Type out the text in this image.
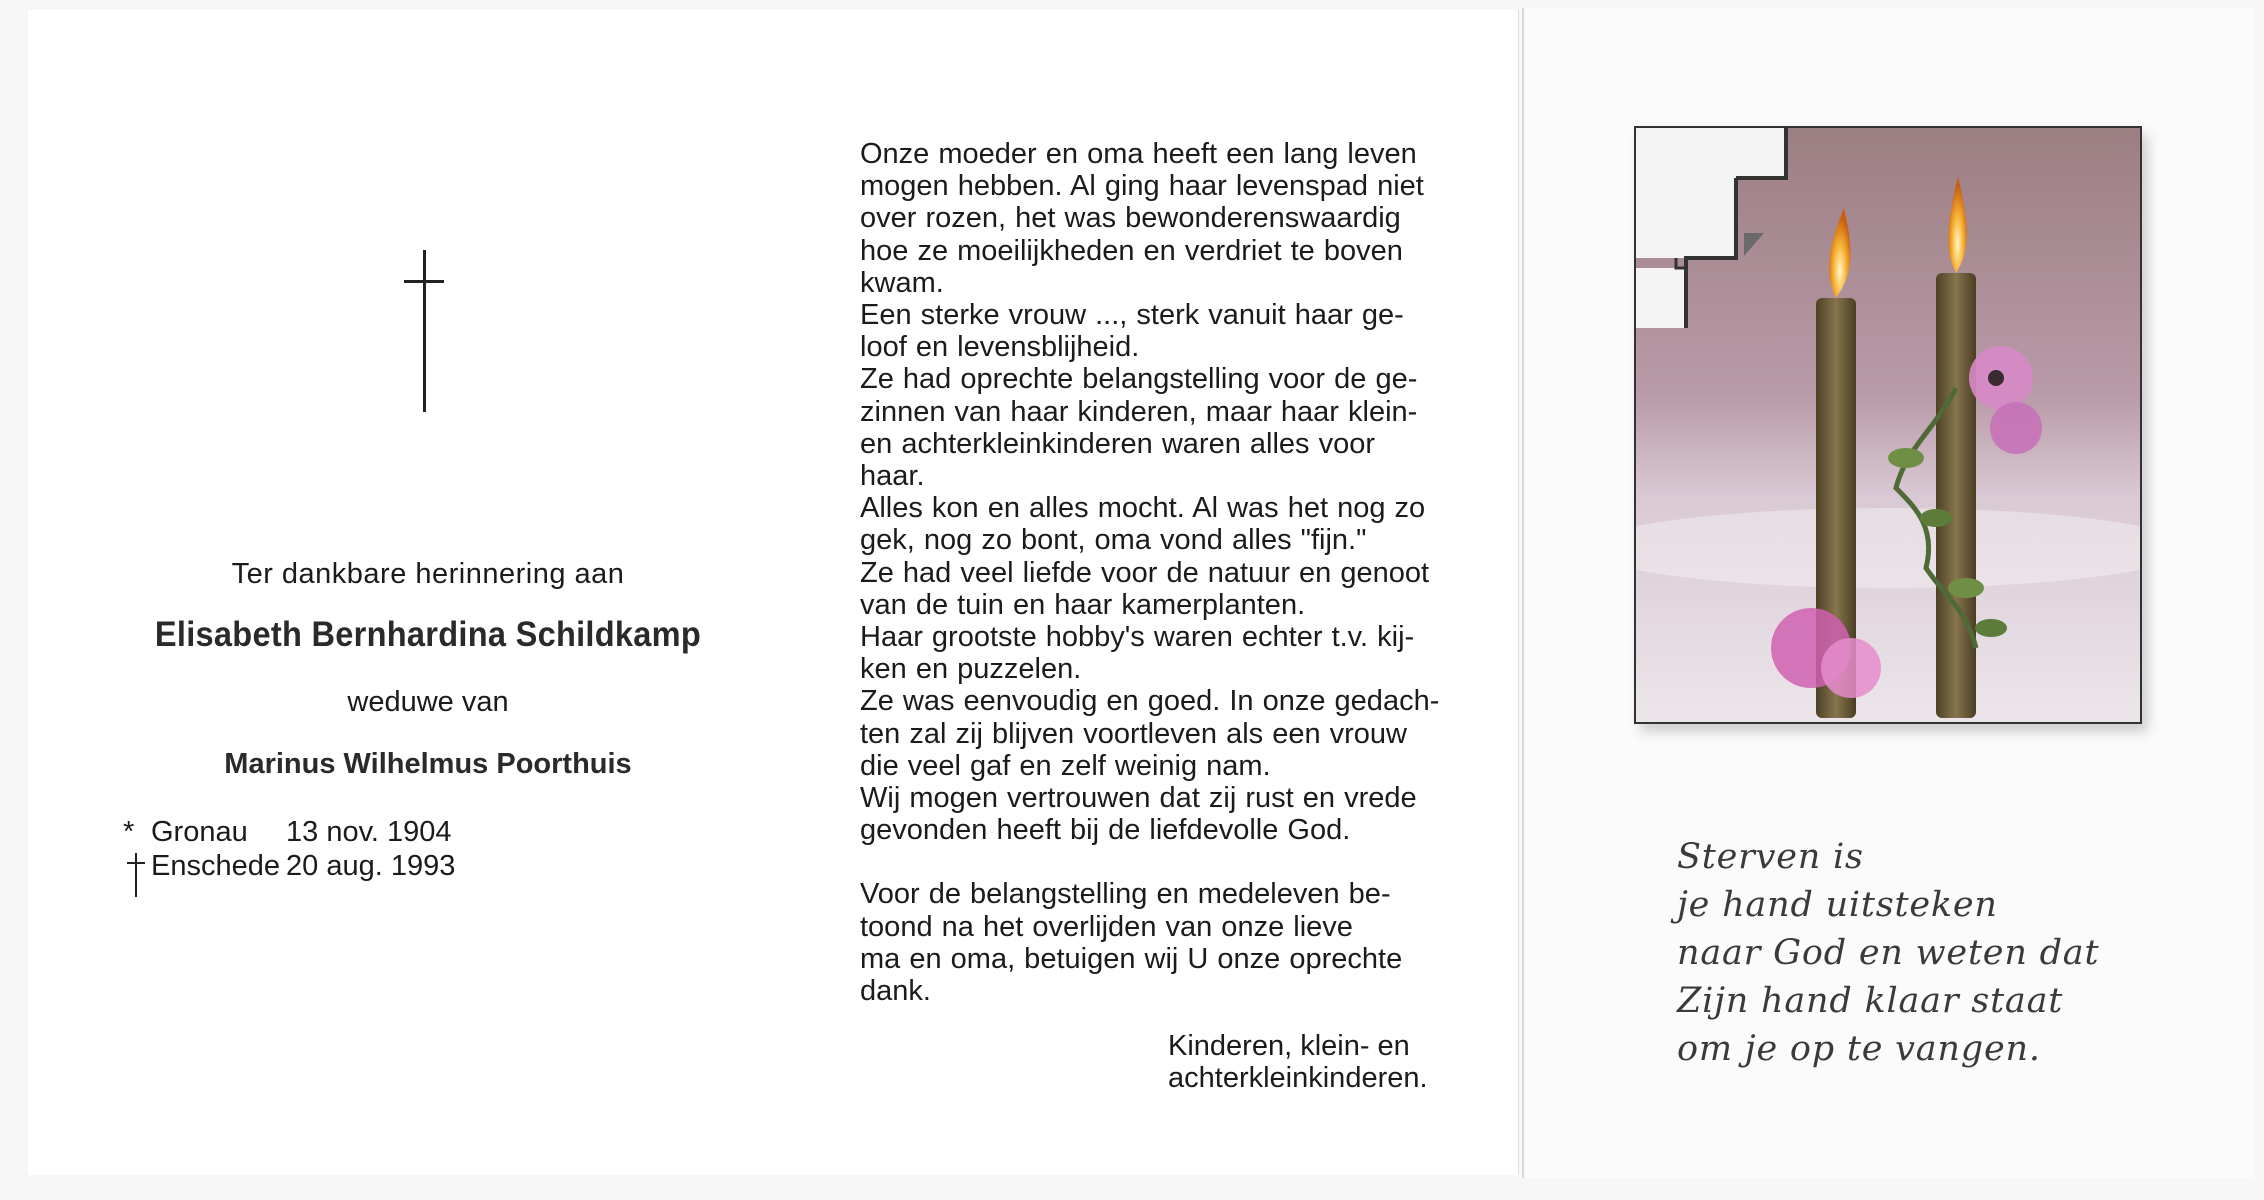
Ter dankbare herinnering aan
Elisabeth Bernhardina Schildkamp
weduwe van
Marinus Wilhelmus Poorthuis
* Gronau 13 nov. 1904
Enschede 20 aug. 1993
Onze moeder en oma heeft een lang leven
mogen hebben. Al ging haar levenspad niet
over rozen, het was bewonderenswaardig
hoe ze moeilijkheden en verdriet te boven
kwam.
Een sterke vrouw ..., sterk vanuit haar ge-
loof en levensblijheid.
Ze had oprechte belangstelling voor de ge-
zinnen van haar kinderen, maar haar klein-
en achterkleinkinderen waren alles voor
haar.
Alles kon en alles mocht. Al was het nog zo
gek, nog zo bont, oma vond alles "fijn."
Ze had veel liefde voor de natuur en genoot
van de tuin en haar kamerplanten.
Haar grootste hobby's waren echter t.v. kij-
ken en puzzelen.
Ze was eenvoudig en goed. In onze gedach-
ten zal zij blijven voortleven als een vrouw
die veel gaf en zelf weinig nam.
Wij mogen vertrouwen dat zij rust en vrede
gevonden heeft bij de liefdevolle God.
Voor de belangstelling en medeleven be-
toond na het overlijden van onze lieve
ma en oma, betuigen wij U onze oprechte
dank.
Kinderen, klein- en
achterkleinkinderen.
Sterven is
je hand uitsteken
naar God en weten dat
Zijn hand klaar staat
om je op te vangen.
